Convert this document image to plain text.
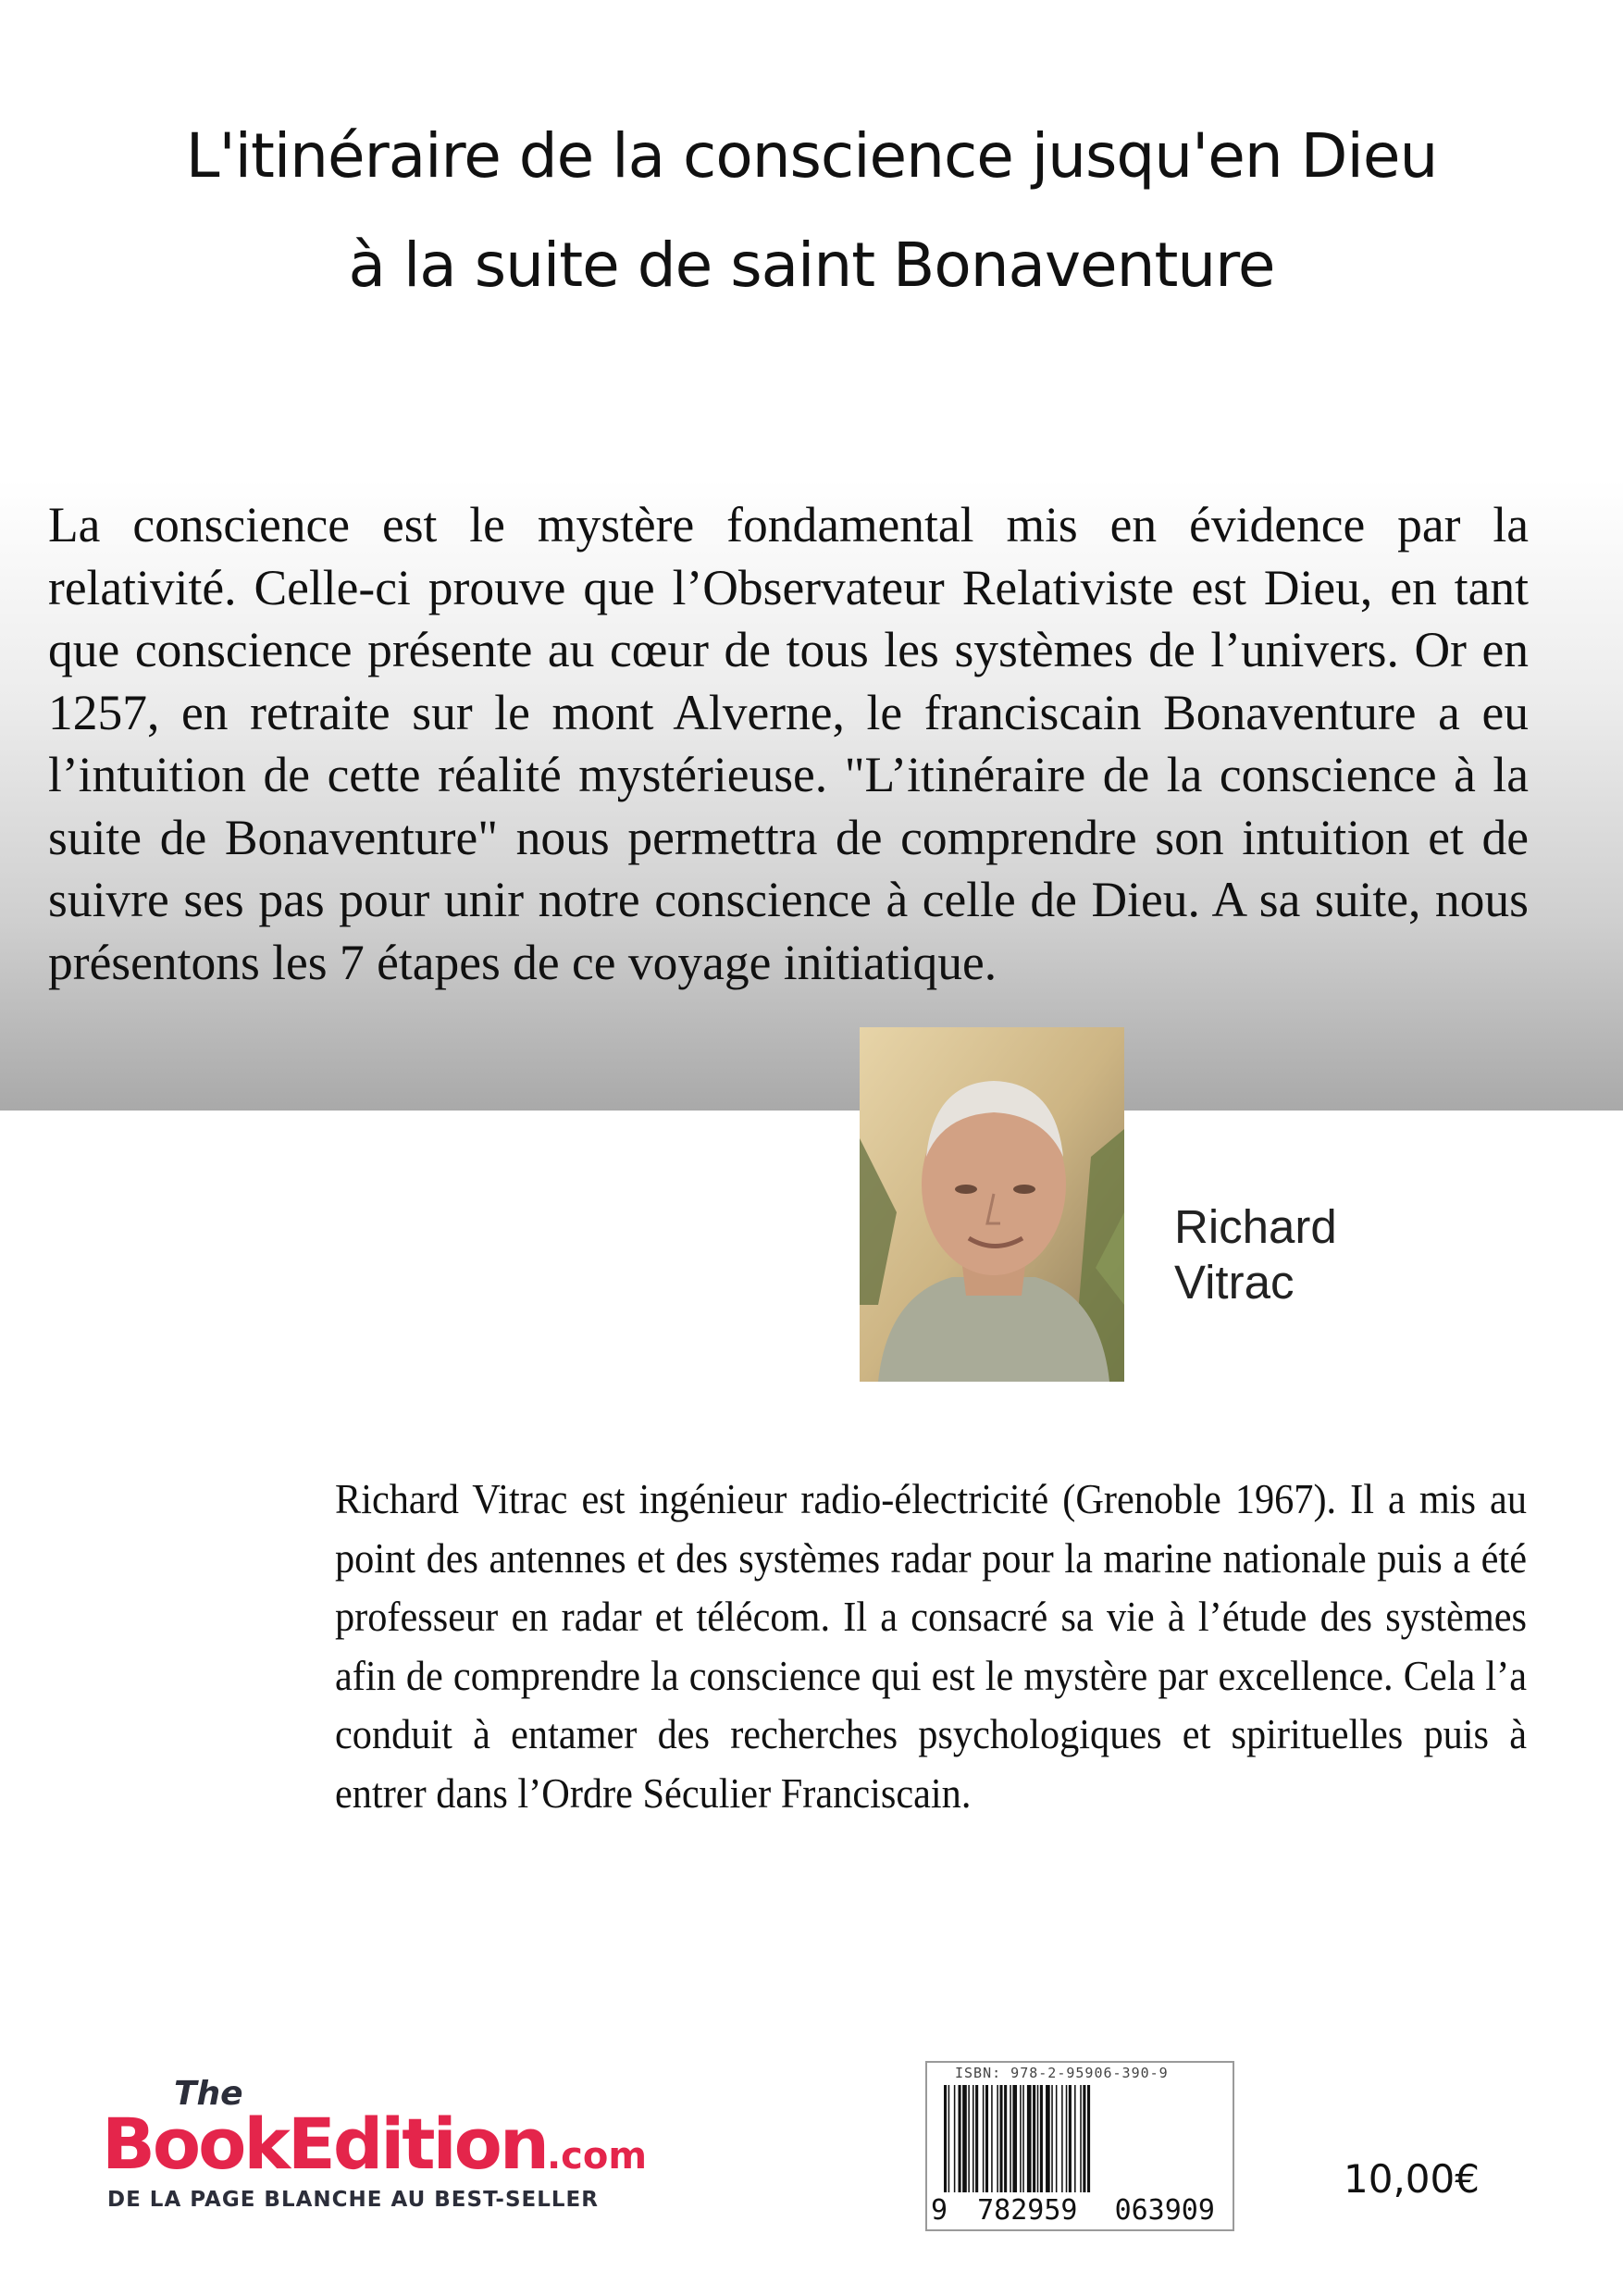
L'itinéraire de la conscience jusqu'en Dieu
à la suite de saint Bonaventure
La conscience est le mystère fondamental mis en évidence par la relativité. Celle-ci prouve que l’Observateur Relativiste est Dieu, en tant que conscience présente au cœur de tous les systèmes de l’univers. Or en 1257, en retraite sur le mont Alverne, le franciscain Bonaventure a eu l’intuition de cette réalité mystérieuse. "L’itinéraire de la conscience à la suite de Bonaventure" nous permettra de comprendre son intuition et de suivre ses pas pour unir notre conscience à celle de Dieu. A sa suite, nous présentons les 7 étapes de ce voyage initiatique.
Richard
Vitrac
Richard Vitrac est ingénieur radio-électricité (Grenoble 1967). Il a mis au point des antennes et des systèmes radar pour la marine nationale puis a été professeur en radar et télécom. Il a consacré sa vie à l’étude des systèmes afin de comprendre la conscience qui est le mystère par excellence. Cela l’a conduit à entamer des recherches psychologiques et spirituelles puis à entrer dans l’Ordre Séculier Franciscain.
The
BookEdition.com
DE LA PAGE BLANCHE AU BEST-SELLER
ISBN: 978-2-95906-390-9
9 782959 063909
10,00€
